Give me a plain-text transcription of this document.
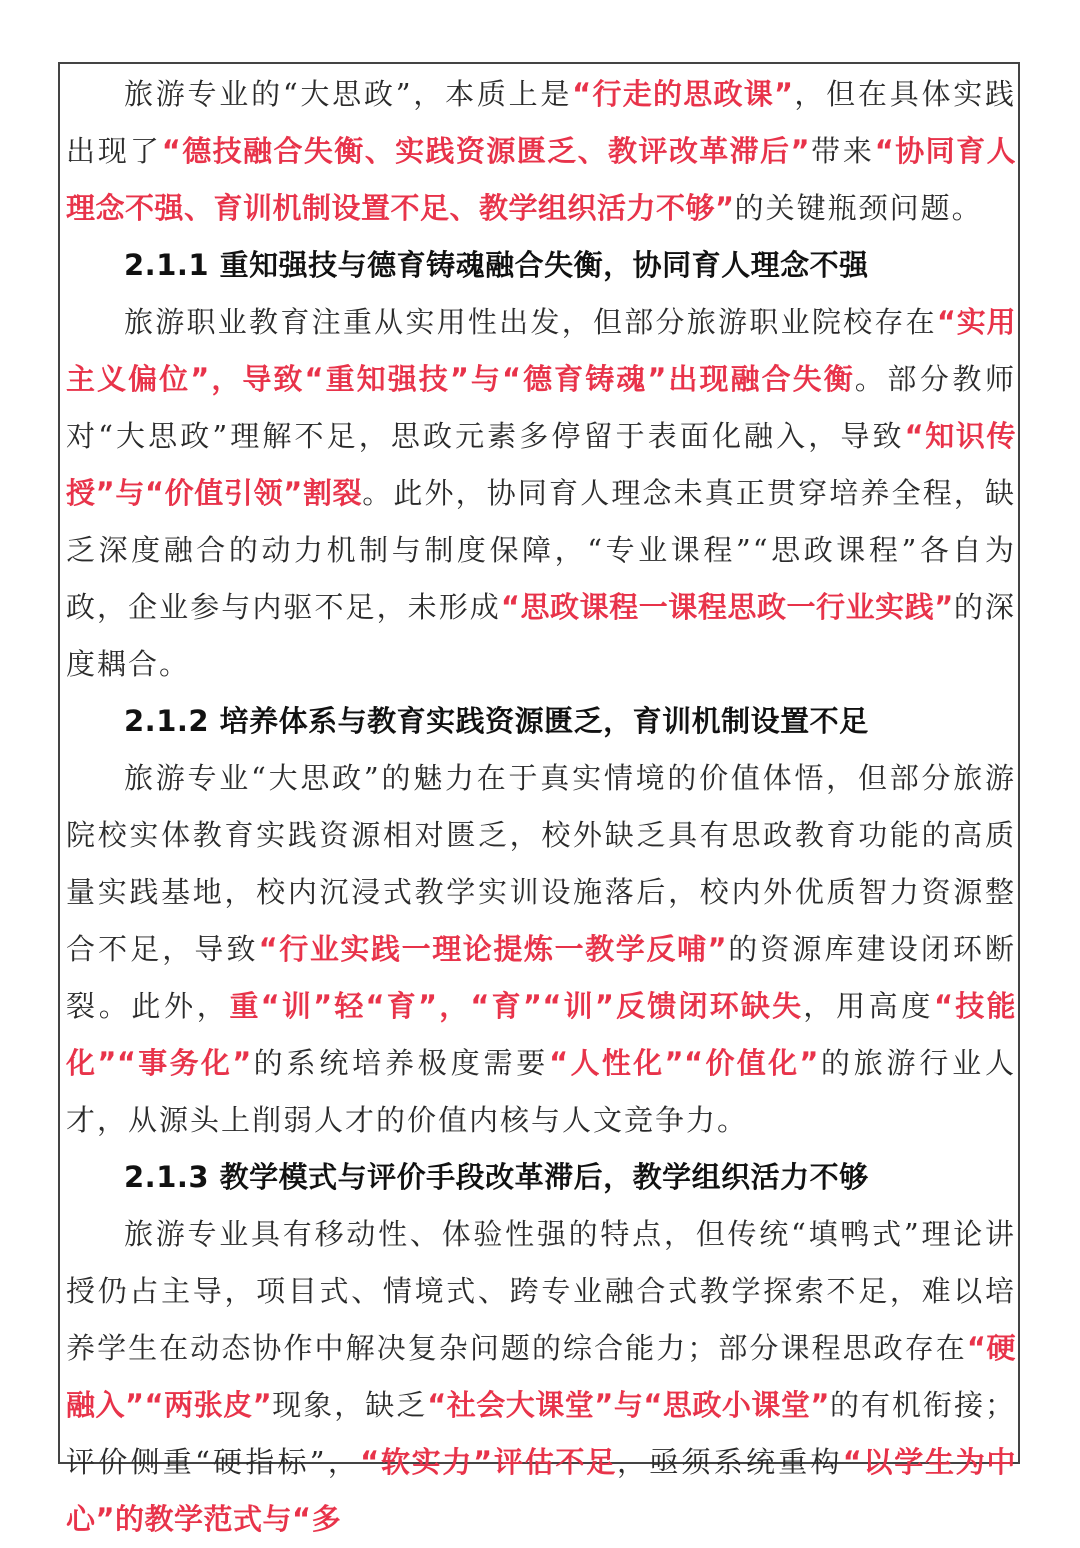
旅游专业的“大思政”，本质上是“行走的思政课”，但在具体实践出现了“德技融合失衡、实践资源匮乏、教评改革滞后”带来“协同育人理念不强、育训机制设置不足、教学组织活力不够”的关键瓶颈问题。

2.1.1 重知强技与德育铸魂融合失衡，协同育人理念不强

旅游职业教育注重从实用性出发，但部分旅游职业院校存在“实用主义偏位”，导致“重知强技”与“德育铸魂”出现融合失衡。部分教师对“大思政”理解不足，思政元素多停留于表面化融入，导致“知识传授”与“价值引领”割裂。此外，协同育人理念未真正贯穿培养全程，缺乏深度融合的动力机制与制度保障，“专业课程”“思政课程”各自为政，企业参与内驱不足，未形成“思政课程一课程思政一行业实践”的深度耦合。

2.1.2 培养体系与教育实践资源匮乏，育训机制设置不足

旅游专业“大思政”的魅力在于真实情境的价值体悟，但部分旅游院校实体教育实践资源相对匮乏，校外缺乏具有思政教育功能的高质量实践基地，校内沉浸式教学实训设施落后，校内外优质智力资源整合不足，导致“行业实践一理论提炼一教学反哺”的资源库建设闭环断裂。此外，重“训”轻“育”，“育”“训”反馈闭环缺失，用高度“技能化”“事务化”的系统培养极度需要“人性化”“价值化”的旅游行业人才，从源头上削弱人才的价值内核与人文竞争力。

2.1.3 教学模式与评价手段改革滞后，教学组织活力不够

旅游专业具有移动性、体验性强的特点，但传统“填鸭式”理论讲授仍占主导，项目式、情境式、跨专业融合式教学探索不足，难以培养学生在动态协作中解决复杂问题的综合能力；部分课程思政存在“硬融入”“两张皮”现象，缺乏“社会大课堂”与“思政小课堂”的有机衔接；评价侧重“硬指标”，“软实力”评估不足，亟须系统重构“以学生为中心”的教学范式与“多
